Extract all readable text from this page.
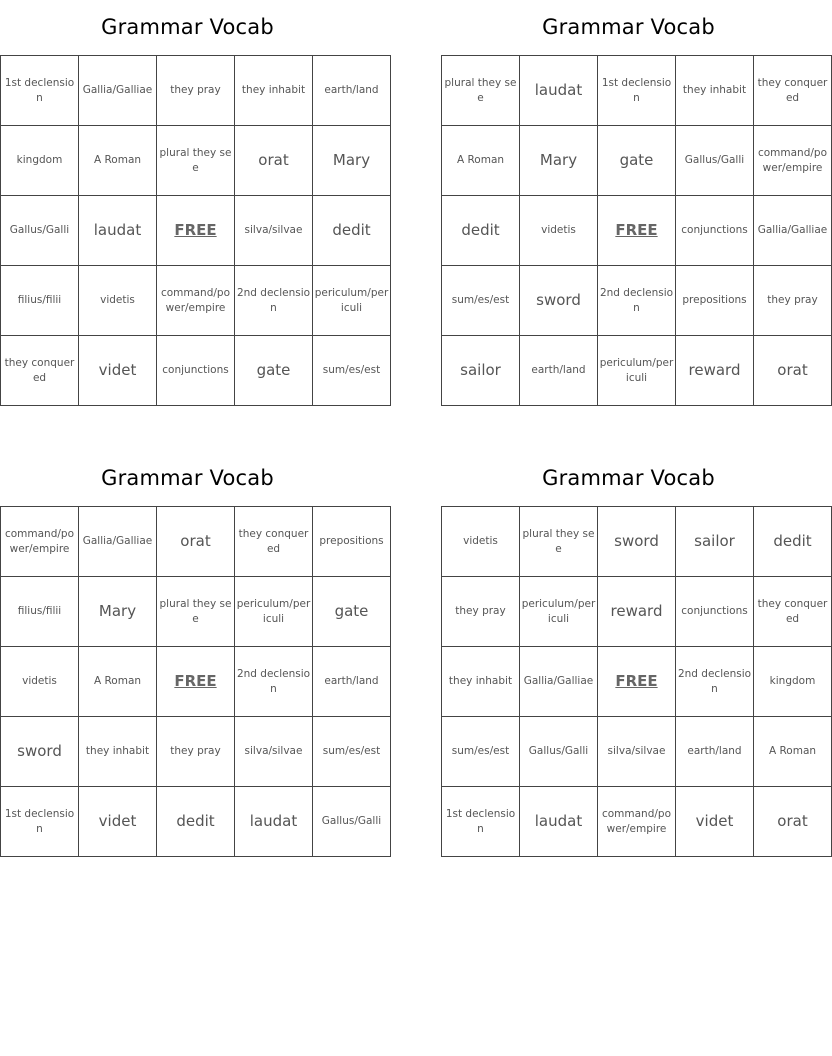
Grammar Vocab
1st declension	Gallia/Galliae	they pray	they inhabit	earth/land
kingdom	A Roman	plural they see	orat	Mary
Gallus/Galli	laudat	FREE	silva/silvae	dedit
filius/filii	videtis	command/power/empire	2nd declension	periculum/periculi
they conquered	videt	conjunctions	gate	sum/es/est
Grammar Vocab
plural they see	laudat	1st declension	they inhabit	they conquered
A Roman	Mary	gate	Gallus/Galli	command/power/empire
dedit	videtis	FREE	conjunctions	Gallia/Galliae
sum/es/est	sword	2nd declension	prepositions	they pray
sailor	earth/land	periculum/periculi	reward	orat
Grammar Vocab
command/power/empire	Gallia/Galliae	orat	they conquered	prepositions
filius/filii	Mary	plural they see	periculum/periculi	gate
videtis	A Roman	FREE	2nd declension	earth/land
sword	they inhabit	they pray	silva/silvae	sum/es/est
1st declension	videt	dedit	laudat	Gallus/Galli
Grammar Vocab
videtis	plural they see	sword	sailor	dedit
they pray	periculum/periculi	reward	conjunctions	they conquered
they inhabit	Gallia/Galliae	FREE	2nd declension	kingdom
sum/es/est	Gallus/Galli	silva/silvae	earth/land	A Roman
1st declension	laudat	command/power/empire	videt	orat
